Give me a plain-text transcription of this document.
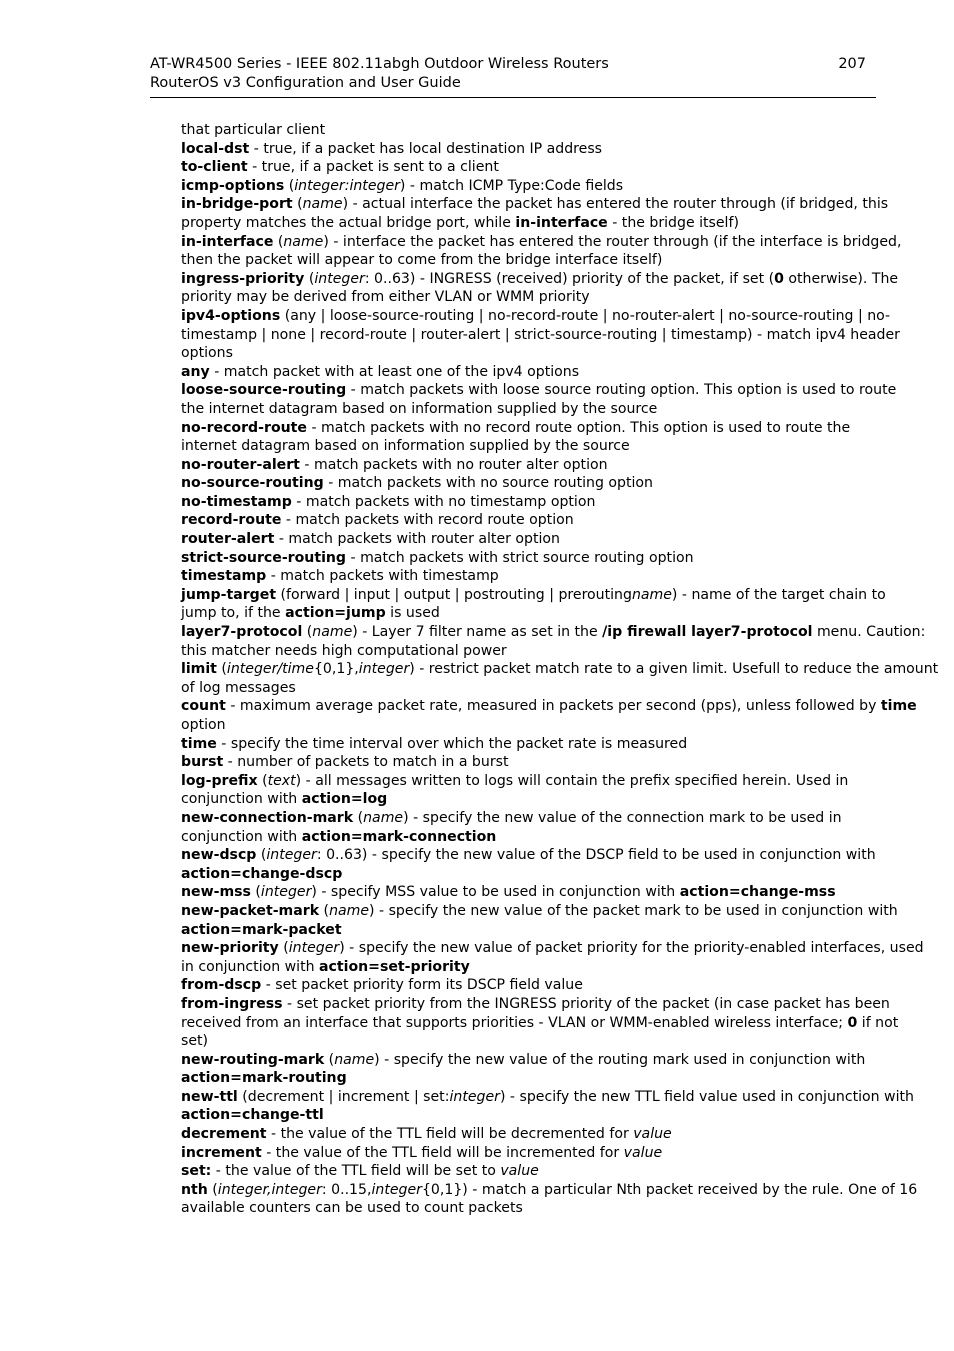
AT-WR4500 Series - IEEE 802.11abgh Outdoor Wireless Routers
RouterOS v3 Configuration and User Guide
207
that particular client
local-dst - true, if a packet has local destination IP address
to-client - true, if a packet is sent to a client
icmp-options (integer:integer) - match ICMP Type:Code fields
in-bridge-port (name) - actual interface the packet has entered the router through (if bridged, this
property matches the actual bridge port, while in-interface - the bridge itself)
in-interface (name) - interface the packet has entered the router through (if the interface is bridged,
then the packet will appear to come from the bridge interface itself)
ingress-priority (integer: 0..63) - INGRESS (received) priority of the packet, if set (0 otherwise). The
priority may be derived from either VLAN or WMM priority
ipv4-options (any | loose-source-routing | no-record-route | no-router-alert | no-source-routing | no-
timestamp | none | record-route | router-alert | strict-source-routing | timestamp) - match ipv4 header
options
any - match packet with at least one of the ipv4 options
loose-source-routing - match packets with loose source routing option. This option is used to route
the internet datagram based on information supplied by the source
no-record-route - match packets with no record route option. This option is used to route the
internet datagram based on information supplied by the source
no-router-alert - match packets with no router alter option
no-source-routing - match packets with no source routing option
no-timestamp - match packets with no timestamp option
record-route - match packets with record route option
router-alert - match packets with router alter option
strict-source-routing - match packets with strict source routing option
timestamp - match packets with timestamp
jump-target (forward | input | output | postrouting | preroutingname) - name of the target chain to
jump to, if the action=jump is used
layer7-protocol (name) - Layer 7 filter name as set in the /ip firewall layer7-protocol menu. Caution:
this matcher needs high computational power
limit (integer/time{0,1},integer) - restrict packet match rate to a given limit. Usefull to reduce the amount
of log messages
count - maximum average packet rate, measured in packets per second (pps), unless followed by time
option
time - specify the time interval over which the packet rate is measured
burst - number of packets to match in a burst
log-prefix (text) - all messages written to logs will contain the prefix specified herein. Used in
conjunction with action=log
new-connection-mark (name) - specify the new value of the connection mark to be used in
conjunction with action=mark-connection
new-dscp (integer: 0..63) - specify the new value of the DSCP field to be used in conjunction with
action=change-dscp
new-mss (integer) - specify MSS value to be used in conjunction with action=change-mss
new-packet-mark (name) - specify the new value of the packet mark to be used in conjunction with
action=mark-packet
new-priority (integer) - specify the new value of packet priority for the priority-enabled interfaces, used
in conjunction with action=set-priority
from-dscp - set packet priority form its DSCP field value
from-ingress - set packet priority from the INGRESS priority of the packet (in case packet has been
received from an interface that supports priorities - VLAN or WMM-enabled wireless interface; 0 if not
set)
new-routing-mark (name) - specify the new value of the routing mark used in conjunction with
action=mark-routing
new-ttl (decrement | increment | set:integer) - specify the new TTL field value used in conjunction with
action=change-ttl
decrement - the value of the TTL field will be decremented for value
increment - the value of the TTL field will be incremented for value
set: - the value of the TTL field will be set to value
nth (integer,integer: 0..15,integer{0,1}) - match a particular Nth packet received by the rule. One of 16
available counters can be used to count packets
